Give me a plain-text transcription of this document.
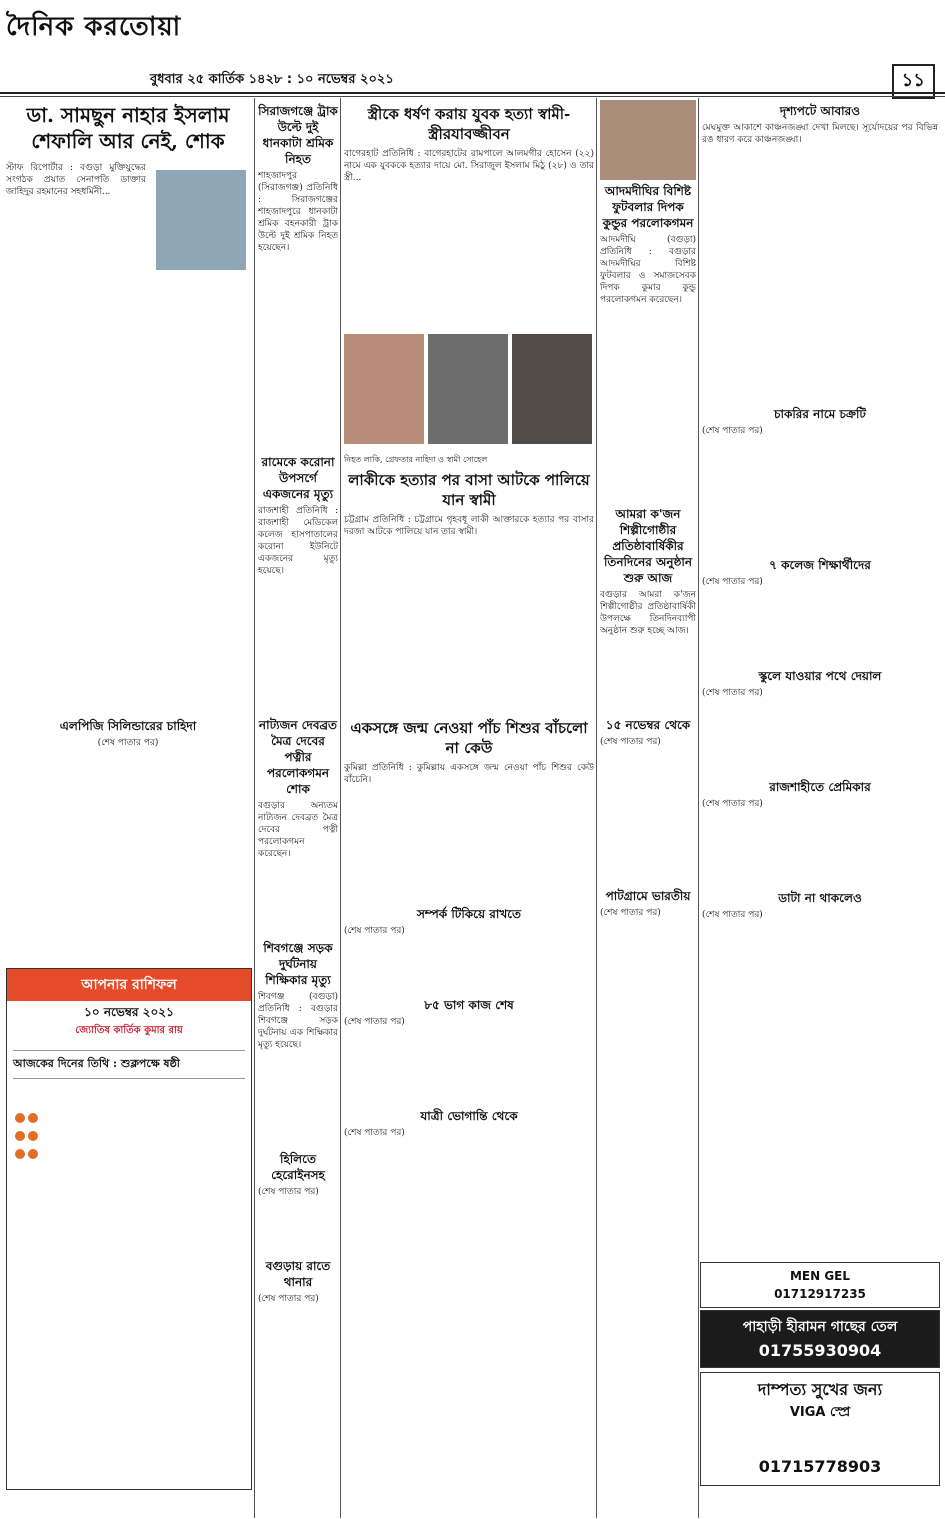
দৈনিক করতোয়া
বুধবার ২৫ কার্তিক ১৪২৮ : ১০ নভেম্বর ২০২১	১১
ডা. সামছুন নাহার ইসলাম শেফালি আর নেই, শোক
স্টাফ রিপোর্টার : বগুড়া মুক্তিযুদ্ধের সংগঠক প্রয়াত সেনাপতি ডাক্তার জাহিদুর রহমানের সহধর্মিনী...
এলপিজি সিলিন্ডারের চাহিদা
(শেষ পাতার পর)
আপনার রাশিফল
১০ নভেম্বর ২০২১
জ্যোতিষ কার্তিক কুমার রায়
আজকের দিনের তিথি : শুক্লপক্ষে ষষ্ঠী

সিরাজগঞ্জে ট্রাক উল্টে দুই ধানকাটা শ্রমিক নিহত
শাহজাদপুর (সিরাজগঞ্জ) প্রতিনিধি : সিরাজগঞ্জের শাহজাদপুরে ধানকাটা শ্রমিক বহনকারী ট্রাক উল্টে দুই শ্রমিক নিহত হয়েছেন।
রামেকে করোনা উপসর্গে একজনের মৃত্যু
রাজশাহী প্রতিনিধি : রাজশাহী মেডিকেল কলেজ হাসপাতালের করোনা ইউনিটে একজনের মৃত্যু হয়েছে।
নাট্যজন দেবব্রত মৈত্র দেবের পত্নীর পরলোকগমন শোক
বগুড়ার অন্যতম নাট্যজন দেবব্রত মৈত্র দেবের পত্নী পরলোকগমন করেছেন।
শিবগঞ্জে সড়ক দুর্ঘটনায় শিক্ষিকার মৃত্যু
শিবগঞ্জ (বগুড়া) প্রতিনিধি : বগুড়ার শিবগঞ্জে সড়ক দুর্ঘটনায় এক শিক্ষিকার মৃত্যু হয়েছে।
হিলিতে হেরোইনসহ
(শেষ পাতার পর)
বগুড়ায় রাতে থানার
(শেষ পাতার পর)
স্ত্রীকে ধর্ষণ করায় যুবক হত্যা স্বামী-স্ত্রীরযাবজ্জীবন
বাগেরহাট প্রতিনিধি : বাগেরহাটের রামপালে আলমগীর হোসেন (২২) নামে এক যুবককে হত্যার দায়ে মো. সিরাজুল ইসলাম মিঠু (২৮) ও তার স্ত্রী...
নিহত লাকি, গ্রেফতার নাহিদা ও স্বামী সোহেল
লাকীকে হত্যার পর বাসা আটকে পালিয়ে যান স্বামী
চট্টগ্রাম প্রতিনিধি : চট্টগ্রামে গৃহবধূ লাকী আক্তারকে হত্যার পর বাসার দরজা আটকে পালিয়ে যান তার স্বামী।
একসঙ্গে জন্ম নেওয়া পাঁচ শিশুর বাঁচলো না কেউ
কুমিল্লা প্রতিনিধি : কুমিল্লায় একসঙ্গে জন্ম নেওয়া পাঁচ শিশুর কেউ বাঁচেনি।
সম্পর্ক টিকিয়ে রাখতে
(শেষ পাতার পর)
৮৫ ভাগ কাজ শেষ
(শেষ পাতার পর)
যাত্রী ভোগান্তি থেকে
(শেষ পাতার পর)
আদমদীঘির বিশিষ্ট ফুটবলার দিপক কুন্ডুর পরলোকগমন
আদমদীঘি (বগুড়া) প্রতিনিধি : বগুড়ার আদমদীঘির বিশিষ্ট ফুটবলার ও সমাজসেবক দিপক কুমার কুন্ডু পরলোকগমন করেছেন।
আমরা ক'জন শিল্পীগোষ্ঠীর প্রতিষ্ঠাবার্ষিকীর তিনদিনের অনুষ্ঠান শুরু আজ
বগুড়ার আমরা ক'জন শিল্পীগোষ্ঠীর প্রতিষ্ঠাবার্ষিকী উপলক্ষে তিনদিনব্যাপী অনুষ্ঠান শুরু হচ্ছে আজ।
১৫ নভেম্বর থেকে
(শেষ পাতার পর)
পাটগ্রামে ভারতীয়
(শেষ পাতার পর)
দৃশ্যপটে আবারও
মেঘমুক্ত আকাশে কাঞ্চনজঙ্ঘা দেখা মিলছে। সূর্যোদয়ের পর বিভিন্ন রঙ ধারণ করে কাঞ্চনজঙ্ঘা।
চাকরির নামে চক্রটি
(শেষ পাতার পর)
৭ কলেজ শিক্ষার্থীদের
(শেষ পাতার পর)
স্কুলে যাওয়ার পথে দেয়াল
(শেষ পাতার পর)
রাজশাহীতে প্রেমিকার
(শেষ পাতার পর)
ডাটা না থাকলেও
(শেষ পাতার পর)
MEN GEL
01712917235
পাহাড়ী হীরামন গাছের তেল
01755930904
দাম্পত্য সুখের জন্য
VIGA স্প্রে
01715778903
